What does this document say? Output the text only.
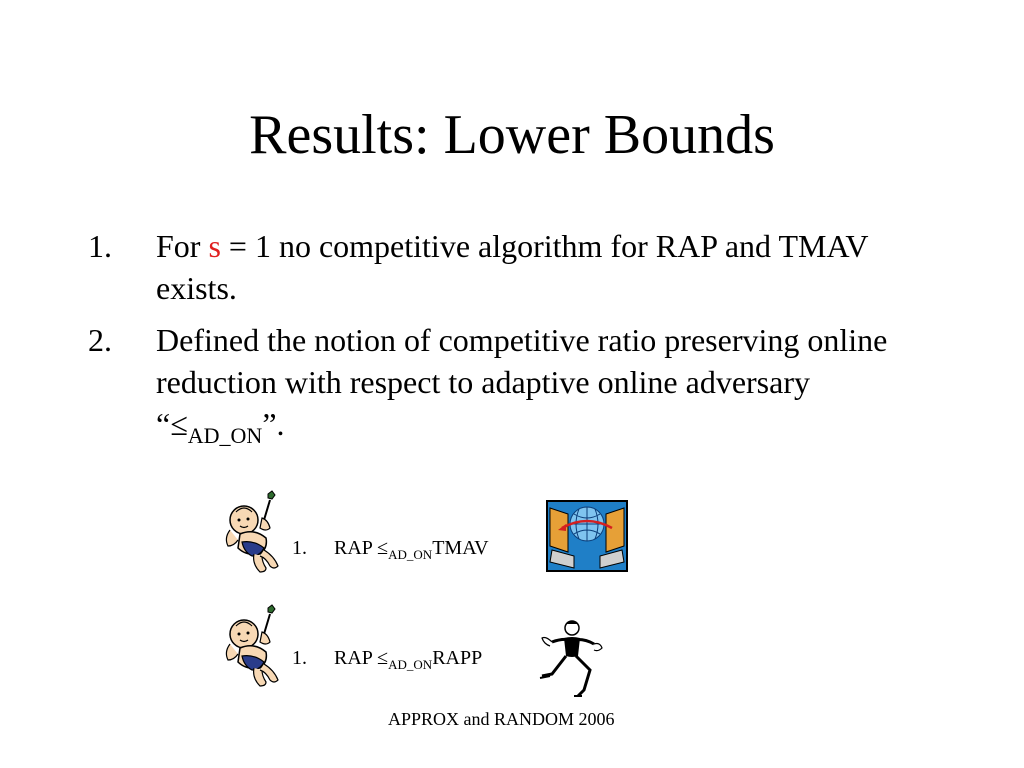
Results: Lower Bounds
1. For s = 1 no competitive algorithm for RAP and TMAV exists.
2. Defined the notion of competitive ratio preserving online reduction with respect to adaptive online adversary “$\le_{AD\_ON}$”.
1. RAP $\le_{AD\_ON}TMAV$
1. RAP $\le_{AD\_ON}RAPP$
APPROX and RANDOM 2006
